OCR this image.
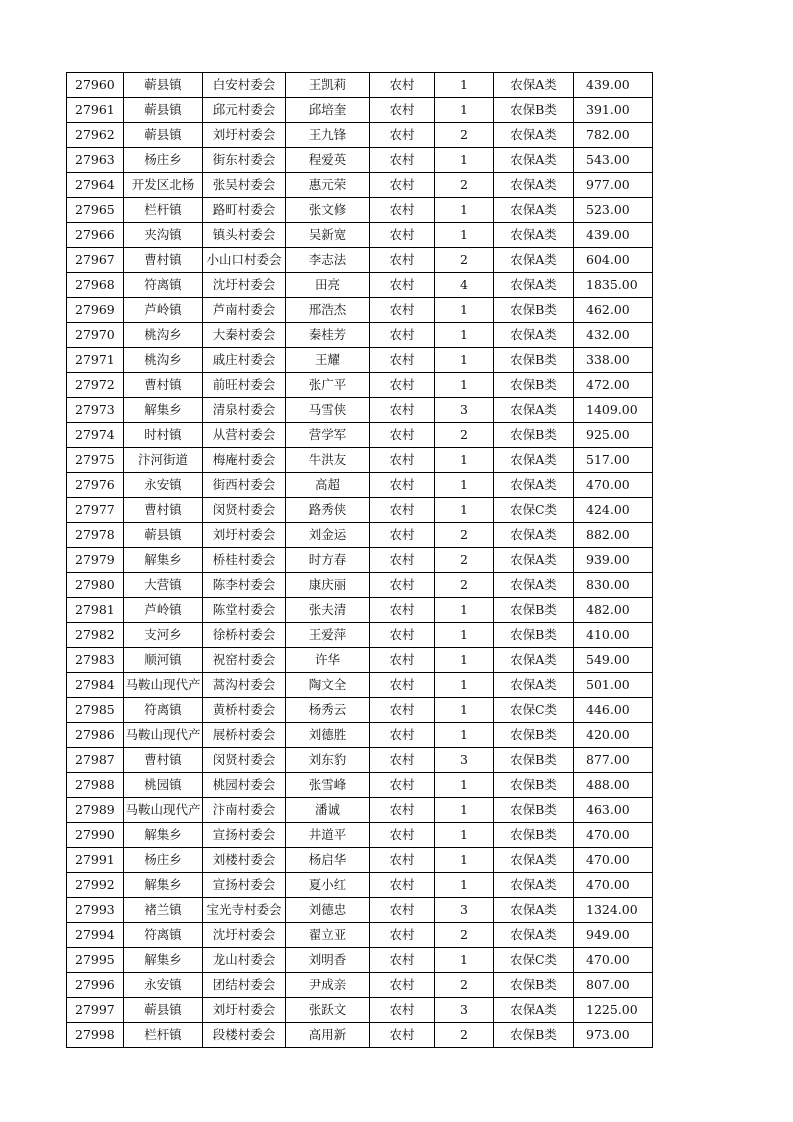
27960	蕲县镇	白安村委会	王凯莉	农村	1	农保A类	439.00
27961	蕲县镇	邱元村委会	邱培奎	农村	1	农保B类	391.00
27962	蕲县镇	刘圩村委会	王九锋	农村	2	农保A类	782.00
27963	杨庄乡	街东村委会	程爱英	农村	1	农保A类	543.00
27964	开发区北杨	张吴村委会	惠元荣	农村	2	农保A类	977.00
27965	栏杆镇	路町村委会	张文修	农村	1	农保A类	523.00
27966	夹沟镇	镇头村委会	吴新宽	农村	1	农保A类	439.00
27967	曹村镇	小山口村委会	李志法	农村	2	农保A类	604.00
27968	符离镇	沈圩村委会	田亮	农村	4	农保A类	1835.00
27969	芦岭镇	芦南村委会	邢浩杰	农村	1	农保B类	462.00
27970	桃沟乡	大秦村委会	秦桂芳	农村	1	农保A类	432.00
27971	桃沟乡	戚庄村委会	王耀	农村	1	农保B类	338.00
27972	曹村镇	前旺村委会	张广平	农村	1	农保B类	472.00
27973	解集乡	清泉村委会	马雪侠	农村	3	农保A类	1409.00
27974	时村镇	从营村委会	营学军	农村	2	农保B类	925.00
27975	汴河街道	梅庵村委会	牛洪友	农村	1	农保A类	517.00
27976	永安镇	街西村委会	高超	农村	1	农保A类	470.00
27977	曹村镇	闵贤村委会	路秀侠	农村	1	农保C类	424.00
27978	蕲县镇	刘圩村委会	刘金运	农村	2	农保A类	882.00
27979	解集乡	桥桂村委会	时方春	农村	2	农保A类	939.00
27980	大营镇	陈李村委会	康庆丽	农村	2	农保A类	830.00
27981	芦岭镇	陈堂村委会	张夫清	农村	1	农保B类	482.00
27982	支河乡	徐桥村委会	王爱萍	农村	1	农保B类	410.00
27983	顺河镇	祝窑村委会	许华	农村	1	农保A类	549.00
27984	马鞍山现代产	蒿沟村委会	陶文全	农村	1	农保A类	501.00
27985	符离镇	黄桥村委会	杨秀云	农村	1	农保C类	446.00
27986	马鞍山现代产	展桥村委会	刘德胜	农村	1	农保B类	420.00
27987	曹村镇	闵贤村委会	刘东豹	农村	3	农保B类	877.00
27988	桃园镇	桃园村委会	张雪峰	农村	1	农保B类	488.00
27989	马鞍山现代产	汴南村委会	潘诚	农村	1	农保B类	463.00
27990	解集乡	宣扬村委会	井道平	农村	1	农保B类	470.00
27991	杨庄乡	刘楼村委会	杨启华	农村	1	农保A类	470.00
27992	解集乡	宣扬村委会	夏小红	农村	1	农保A类	470.00
27993	褚兰镇	宝光寺村委会	刘德忠	农村	3	农保A类	1324.00
27994	符离镇	沈圩村委会	翟立亚	农村	2	农保A类	949.00
27995	解集乡	龙山村委会	刘明香	农村	1	农保C类	470.00
27996	永安镇	团结村委会	尹成亲	农村	2	农保B类	807.00
27997	蕲县镇	刘圩村委会	张跃文	农村	3	农保A类	1225.00
27998	栏杆镇	段楼村委会	高用新	农村	2	农保B类	973.00
